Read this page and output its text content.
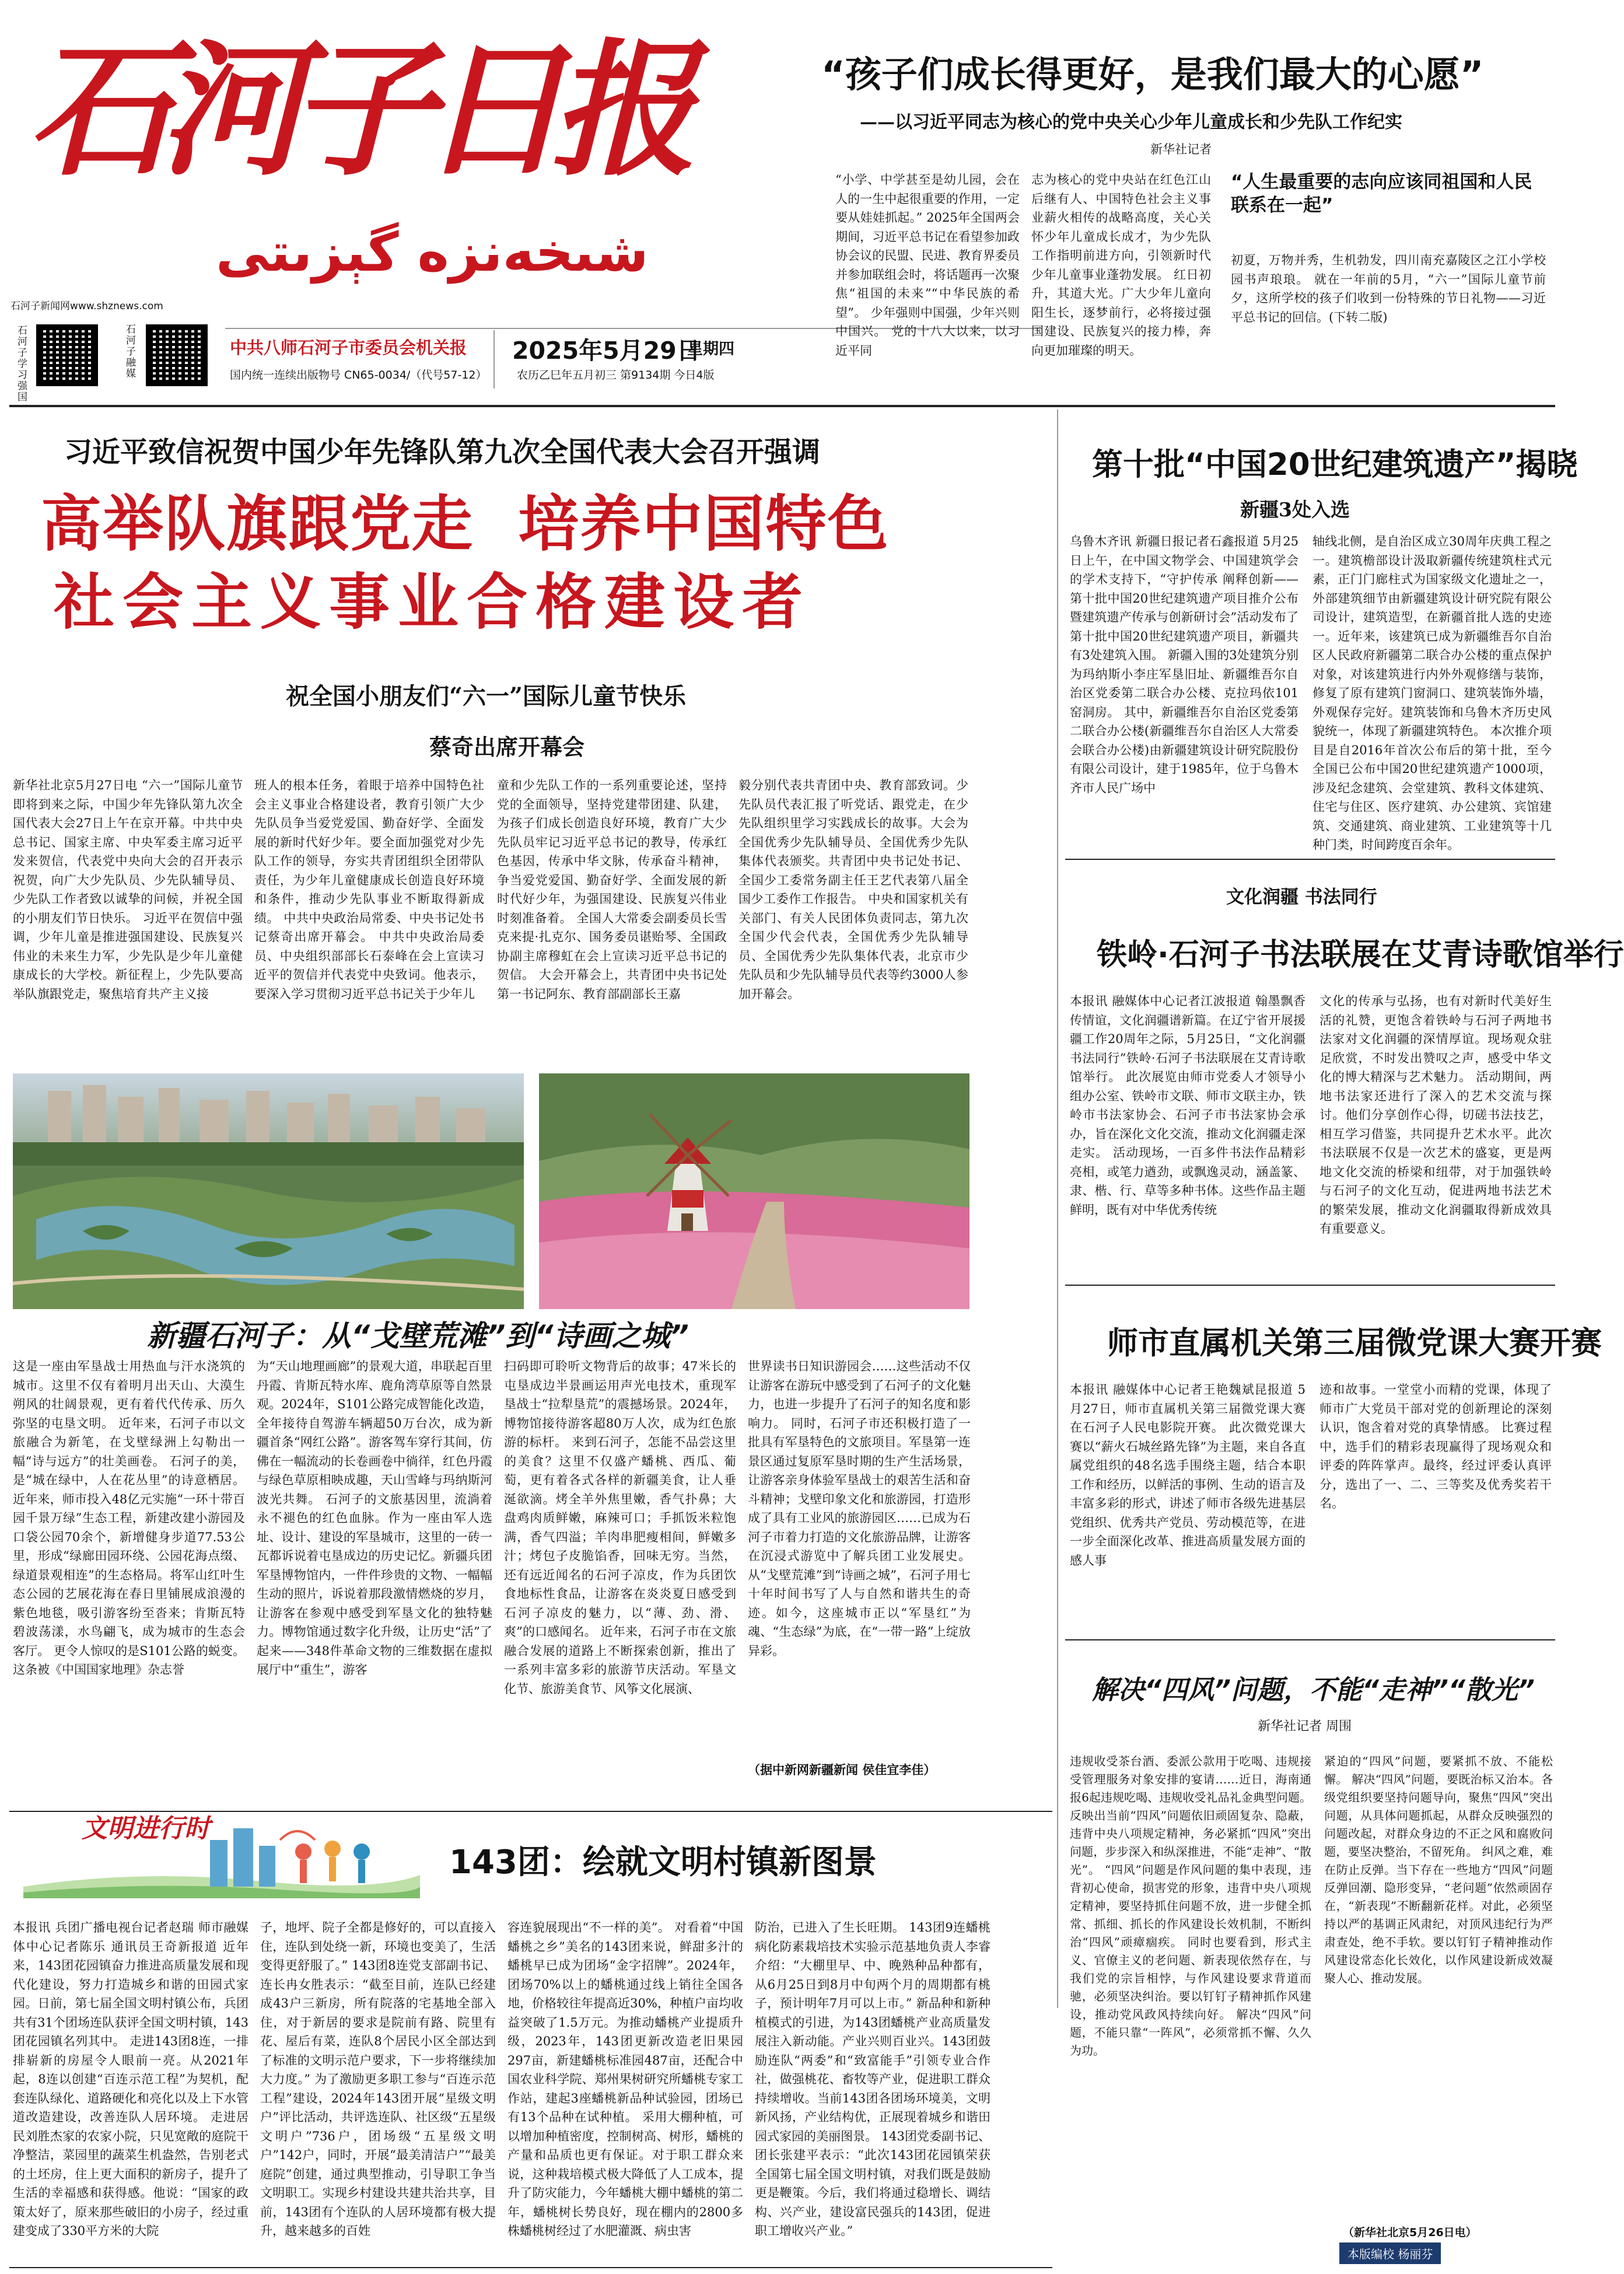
石河子日报
شىخەنزە گېزىتى
石河子新闻网www.shznews.com
石河子学习强国
石河子融媒
中共八师石河子市委员会机关报
国内统一连续出版物号 CN65-0034/（代号57-12）
2025年5月29日
星期四
农历乙巳年五月初三 第9134期 今日4版
“孩子们成长得更好，是我们最大的心愿”
——以习近平同志为核心的党中央关心少年儿童成长和少先队工作纪实
新华社记者
“小学、中学甚至是幼儿园，会在人的一生中起很重要的作用，一定要从娃娃抓起。” 2025年全国两会期间，习近平总书记在看望参加政协会议的民盟、民进、教育界委员并参加联组会时，将话题再一次聚焦“祖国的未来”“中华民族的希望”。 少年强则中国强，少年兴则中国兴。 党的十八大以来，以习近平同
志为核心的党中央站在红色江山后继有人、中国特色社会主义事业薪火相传的战略高度，关心关怀少年儿童成长成才，为少先队工作指明前进方向，引领新时代少年儿童事业蓬勃发展。 红日初升，其道大光。广大少年儿童向阳生长，逐梦前行，必将接过强国建设、民族复兴的接力棒，奔向更加璀璨的明天。
“人生最重要的志向应该同祖国和人民联系在一起”
初夏，万物并秀，生机勃发，四川南充嘉陵区之江小学校园书声琅琅。 就在一年前的5月，“六一”国际儿童节前夕，这所学校的孩子们收到一份特殊的节日礼物——习近平总书记的回信。(下转二版)
习近平致信祝贺中国少年先锋队第九次全国代表大会召开强调
高举队旗跟党走  培养中国特色
社会主义事业合格建设者
祝全国小朋友们“六一”国际儿童节快乐
蔡奇出席开幕会
新华社北京5月27日电 “六一”国际儿童节即将到来之际，中国少年先锋队第九次全国代表大会27日上午在京开幕。中共中央总书记、国家主席、中央军委主席习近平发来贺信，代表党中央向大会的召开表示祝贺，向广大少先队员、少先队辅导员、少先队工作者致以诚挚的问候，并祝全国的小朋友们节日快乐。 习近平在贺信中强调，少年儿童是推进强国建设、民族复兴伟业的未来生力军，少先队是少年儿童健康成长的大学校。新征程上，少先队要高举队旗跟党走，聚焦培育共产主义接
班人的根本任务，着眼于培养中国特色社会主义事业合格建设者，教育引领广大少先队员争当爱党爱国、勤奋好学、全面发展的新时代好少年。要全面加强党对少先队工作的领导，夯实共青团组织全团带队责任，为少年儿童健康成长创造良好环境和条件，推动少先队事业不断取得新成绩。 中共中央政治局常委、中央书记处书记蔡奇出席开幕会。 中共中央政治局委员、中央组织部部长石泰峰在会上宣读习近平的贺信并代表党中央致词。他表示，要深入学习贯彻习近平总书记关于少年儿
童和少先队工作的一系列重要论述，坚持党的全面领导，坚持党建带团建、队建，为孩子们成长创造良好环境，教育广大少先队员牢记习近平总书记的教导，传承红色基因，传承中华文脉，传承奋斗精神，争当爱党爱国、勤奋好学、全面发展的新时代好少年，为强国建设、民族复兴伟业时刻准备着。 全国人大常委会副委员长雪克来提·扎克尔、国务委员谌贻琴、全国政协副主席穆虹在会上宣读习近平总书记的贺信。 大会开幕会上，共青团中央书记处第一书记阿东、教育部副部长王嘉
毅分别代表共青团中央、教育部致词。少先队员代表汇报了听党话、跟党走，在少先队组织里学习实践成长的故事。大会为全国优秀少先队辅导员、全国优秀少先队集体代表颁奖。共青团中央书记处书记、全国少工委常务副主任王艺代表第八届全国少工委作工作报告。 中央和国家机关有关部门、有关人民团体负责同志，第九次全国少代会代表，全国优秀少先队辅导员、全国优秀少先队集体代表，北京市少先队员和少先队辅导员代表等约3000人参加开幕会。
第十批“中国20世纪建筑遗产”揭晓
新疆3处入选
乌鲁木齐讯 新疆日报记者石鑫报道 5月25日上午，在中国文物学会、中国建筑学会的学术支持下，“守护传承 阐释创新——第十批中国20世纪建筑遗产项目推介公布暨建筑遗产传承与创新研讨会”活动发布了第十批中国20世纪建筑遗产项目，新疆共有3处建筑入围。 新疆入围的3处建筑分别为玛纳斯小李庄军垦旧址、新疆维吾尔自治区党委第二联合办公楼、克拉玛依101窑洞房。 其中，新疆维吾尔自治区党委第二联合办公楼(新疆维吾尔自治区人大常委会联合办公楼)由新疆建筑设计研究院股份有限公司设计，建于1985年，位于乌鲁木齐市人民广场中
轴线北侧，是自治区成立30周年庆典工程之一。建筑檐部设计汲取新疆传统建筑柱式元素，正门门廊柱式为国家级文化遗址之一，外部建筑细节由新疆建筑设计研究院有限公司设计，建筑造型，在新疆首批人选的史迹一。近年来，该建筑已成为新疆维吾尔自治区人民政府新疆第二联合办公楼的重点保护对象，对该建筑进行内外外观修缮与装饰，修复了原有建筑门窗洞口、建筑装饰外墙，外观保存完好。建筑装饰和乌鲁木齐历史风貌统一，体现了新疆建筑特色。 本次推介项目是自2016年首次公布后的第十批，至今全国已公布中国20世纪建筑遗产1000项，涉及纪念建筑、会堂建筑、教科文体建筑、住宅与住区、医疗建筑、办公建筑、宾馆建筑、交通建筑、商业建筑、工业建筑等十几种门类，时间跨度百余年。
文化润疆 书法同行
铁岭·石河子书法联展在艾青诗歌馆举行
本报讯 融媒体中心记者江波报道 翰墨飘香传情谊，文化润疆谱新篇。在辽宁省开展援疆工作20周年之际，5月25日，“文化润疆 书法同行”铁岭·石河子书法联展在艾青诗歌馆举行。 此次展览由师市党委人才领导小组办公室、铁岭市文联、师市文联主办，铁岭市书法家协会、石河子市书法家协会承办，旨在深化文化交流，推动文化润疆走深走实。 活动现场，一百多件书法作品精彩亮相，或笔力遒劲，或飘逸灵动，涵盖篆、隶、楷、行、草等多种书体。这些作品主题鲜明，既有对中华优秀传统
文化的传承与弘扬，也有对新时代美好生活的礼赞，更饱含着铁岭与石河子两地书法家对文化润疆的深情厚谊。现场观众驻足欣赏，不时发出赞叹之声，感受中华文化的博大精深与艺术魅力。 活动期间，两地书法家还进行了深入的艺术交流与探讨。他们分享创作心得，切磋书法技艺，相互学习借鉴，共同提升艺术水平。此次书法联展不仅是一次艺术的盛宴，更是两地文化交流的桥梁和纽带，对于加强铁岭与石河子的文化互动，促进两地书法艺术的繁荣发展，推动文化润疆取得新成效具有重要意义。
师市直属机关第三届微党课大赛开赛
本报讯 融媒体中心记者王艳魏斌昆报道 5月27日，师市直属机关第三届微党课大赛在石河子人民电影院开赛。 此次微党课大赛以“薪火石城丝路先锋”为主题，来自各直属党组织的48名选手围绕主题，结合本职工作和经历，以鲜活的事例、生动的语言及丰富多彩的形式，讲述了师市各级先进基层党组织、优秀共产党员、劳动模范等，在进一步全面深化改革、推进高质量发展方面的感人事
迹和故事。一堂堂小而精的党课，体现了师市广大党员干部对党的创新理论的深刻认识，饱含着对党的真挚情感。 比赛过程中，选手们的精彩表现赢得了现场观众和评委的阵阵掌声。最终，经过评委认真评分，选出了一、二、三等奖及优秀奖若干名。
解决“四风”问题，不能“走神”“散光”
新华社记者 周围
违规收受茶台酒、委派公款用于吃喝、违规接受管理服务对象安排的宴请……近日，海南通报6起违规吃喝、违规收受礼品礼金典型问题。反映出当前“四风”问题依旧顽固复杂、隐蔽，违背中央八项规定精神，务必紧抓“四风”突出问题，步步深入和纵深推进，不能“走神”、“散光”。 “四风”问题是作风问题的集中表现，违背初心使命，损害党的形象，违背中央八项规定精神，要坚持抓住问题不放，进一步健全抓常、抓细、抓长的作风建设长效机制，不断纠治“四风”顽瘴痼疾。 同时也要看到，形式主义、官僚主义的老问题、新表现依然存在，与我们党的宗旨相悖，与作风建设要求背道而驰，必须坚决纠治。要以钉钉子精神抓作风建设，推动党风政风持续向好。 解决“四风”问题，不能只靠“一阵风”，必须常抓不懈、久久为功。
紧迫的“四风”问题，要紧抓不放、不能松懈。 解决“四风”问题，要既治标又治本。各级党组织要坚持问题导向，聚焦“四风”突出问题，从具体问题抓起，从群众反映强烈的问题改起，对群众身边的不正之风和腐败问题，要坚决整治，不留死角。 纠风之难，难在防止反弹。当下存在一些地方“四风”问题反弹回潮、隐形变异，“老问题”依然顽固存在，“新表现”不断翻新花样。对此，必须坚持以严的基调正风肃纪，对顶风违纪行为严肃查处，绝不手软。要以钉钉子精神推动作风建设常态化长效化，以作风建设新成效凝聚人心、推动发展。
（新华社北京5月26日电）
本版编校 杨丽芬
新疆石河子：从“戈壁荒滩”到“诗画之城”
这是一座由军垦战士用热血与汗水浇筑的城市。这里不仅有着明月出天山、大漠生朔风的壮阔景观，更有着代代传承、历久弥坚的屯垦文明。 近年来，石河子市以文旅融合为新笔，在戈壁绿洲上勾勒出一幅“诗与远方”的壮美画卷。 石河子的美，是“城在绿中，人在花丛里”的诗意栖居。近年来，师市投入48亿元实施“一环十带百园千景万绿”生态工程，新建改建小游园及口袋公园70余个，新增健身步道77.53公里，形成“绿廊田园环绕、公园花海点缀、绿道景观相连”的生态格局。将军山红叶生态公园的艺展花海在春日里铺展成浪漫的紫色地毯，吸引游客纷至沓来；肯斯瓦特碧波荡漾，水鸟翩飞，成为城市的生态会客厅。 更令人惊叹的是S101公路的蜕变。这条被《中国国家地理》杂志誉
为“天山地理画廊”的景观大道，串联起百里丹霞、肯斯瓦特水库、鹿角湾草原等自然景观。2024年，S101公路完成智能化改造，全年接待自驾游车辆超50万台次，成为新疆首条“网红公路”。游客驾车穿行其间，仿佛在一幅流动的长卷画卷中徜徉，红色丹霞与绿色草原相映成趣，天山雪峰与玛纳斯河波光共舞。 石河子的文旅基因里，流淌着永不褪色的红色血脉。作为一座由军人选址、设计、建设的军垦城市，这里的一砖一瓦都诉说着屯垦成边的历史记忆。新疆兵团军垦博物馆内，一件件珍贵的文物、一幅幅生动的照片，诉说着那段激情燃烧的岁月，让游客在参观中感受到军垦文化的独特魅力。博物馆通过数字化升级，让历史“活”了起来——348件革命文物的三维数据在虚拟展厅中“重生”，游客
扫码即可聆听文物背后的故事；47米长的屯垦成边半景画运用声光电技术，重现军垦战士“拉犁垦荒”的震撼场景。2024年，博物馆接待游客超80万人次，成为红色旅游的标杆。 来到石河子，怎能不品尝这里的美食？这里不仅盛产蟠桃、西瓜、葡萄，更有着各式各样的新疆美食，让人垂涎欲滴。烤全羊外焦里嫩，香气扑鼻；大盘鸡肉质鲜嫩，麻辣可口；手抓饭米粒饱满，香气四溢；羊肉串肥瘦相间，鲜嫩多汁；烤包子皮脆馅香，回味无穷。当然，还有远近闻名的石河子凉皮，作为兵团饮食地标性食品，让游客在炎炎夏日感受到石河子凉皮的魅力，以“薄、劲、滑、爽”的口感闻名。 近年来，石河子市在文旅融合发展的道路上不断探索创新，推出了一系列丰富多彩的旅游节庆活动。军垦文化节、旅游美食节、风筝文化展演、
世界读书日知识游园会……这些活动不仅让游客在游玩中感受到了石河子的文化魅力，也进一步提升了石河子的知名度和影响力。 同时，石河子市还积极打造了一批具有军垦特色的文旅项目。军垦第一连景区通过复原军垦时期的生产生活场景，让游客亲身体验军垦战士的艰苦生活和奋斗精神；戈壁印象文化和旅游园，打造形成了具有工业风的旅游园区……已成为石河子市着力打造的文化旅游品牌，让游客在沉浸式游览中了解兵团工业发展史。 从“戈壁荒滩”到“诗画之城”，石河子用七十年时间书写了人与自然和谐共生的奇迹。如今，这座城市正以“军垦红”为魂、“生态绿”为底，在“一带一路”上绽放异彩。
（据中新网新疆新闻 侯佳宜李佳）
文明进行时
143团：绘就文明村镇新图景
本报讯 兵团广播电视台记者赵瑞 师市融媒体中心记者陈乐 通讯员王奇新报道 近年来，143团花园镇奋力推进高质量发展和现代化建设，努力打造城乡和谐的田园式家园。日前，第七届全国文明村镇公布，兵团共有31个团场连队获评全国文明村镇，143团花园镇名列其中。 走进143团8连，一排排崭新的房屋令人眼前一亮。从2021年起，8连以创建“百连示范工程”为契机，配套连队绿化、道路硬化和亮化以及上下水管道改造建设，改善连队人居环境。 走进居民刘胜杰家的农家小院，只见宽敞的庭院干净整洁，菜园里的蔬菜生机盎然，告别老式的土坯房，住上更大面积的新房子，提升了生活的幸福感和获得感。他说：“国家的政策太好了，原来那些破旧的小房子，经过重建变成了330平方米的大院
子，地坪、院子全都是修好的，可以直接入住，连队到处绕一新，环境也变美了，生活变得更舒服了。” 143团8连党支部副书记、连长冉女胜表示：“截至目前，连队已经建成43户三新房，所有院落的宅基地全部入住，对于新居的要求是院前有路、院里有花、屋后有菜，连队8个居民小区全部达到了标准的文明示范户要求，下一步将继续加大力度。” 为了激励更多职工参与“百连示范工程”建设，2024年143团开展“星级文明户”评比活动，共评选连队、社区级“五星级文明户”736户，团场级“五星级文明户”142户，同时，开展“最美清洁户”“最美庭院”创建，通过典型推动，引导职工争当文明职工。实现乡村建设共建共治共享，目前，143团有个连队的人居环境都有极大提升，越来越多的百姓
容连貌展现出“不一样的美”。 对看着“中国蟠桃之乡”美名的143团来说，鲜甜多汁的蟠桃早已成为团场“金字招牌”。2024年，团场70%以上的蟠桃通过线上销往全国各地，价格较往年提高近30%，种植户亩均收益突破了1.5万元。为推动蟠桃产业提质升级，2023年，143团更新改造老旧果园297亩，新建蟠桃标准园487亩，还配合中国农业科学院、郑州果树研究所蟠桃专家工作站，建起3座蟠桃新品种试验园，团场已有13个品种在试种植。 采用大棚种植，可以增加种植密度，控制树高、树形，蟠桃的产量和品质也更有保证。对于职工群众来说，这种栽培模式极大降低了人工成本，提升了防灾能力，今年蟠桃大棚中蟠桃的第二年，蟠桃树长势良好，现在棚内的2800多株蟠桃树经过了水肥灌溉、病虫害
防治，已进入了生长旺期。 143团9连蟠桃病化防素栽培技术实验示范基地负责人李睿介绍：“大棚里早、中、晚熟种品种都有，从6月25日到8月中旬两个月的周期都有桃子，预计明年7月可以上市。” 新品种和新种植模式的引进，为143团蟠桃产业高质量发展注入新动能。产业兴则百业兴。143团鼓励连队“两委”和“致富能手”引领专业合作社，做强桃花、畜牧等产业，促进职工群众持续增收。当前143团各团场环境美，文明新风扬，产业结构优，正展现着城乡和谐田园式家园的美丽图景。 143团党委副书记、团长张建平表示：“此次143团花园镇荣获全国第七届全国文明村镇，对我们既是鼓励更是鞭策。今后，我们将通过稳增长、调结构、兴产业，建设富民强兵的143团，促进职工增收兴产业。”
